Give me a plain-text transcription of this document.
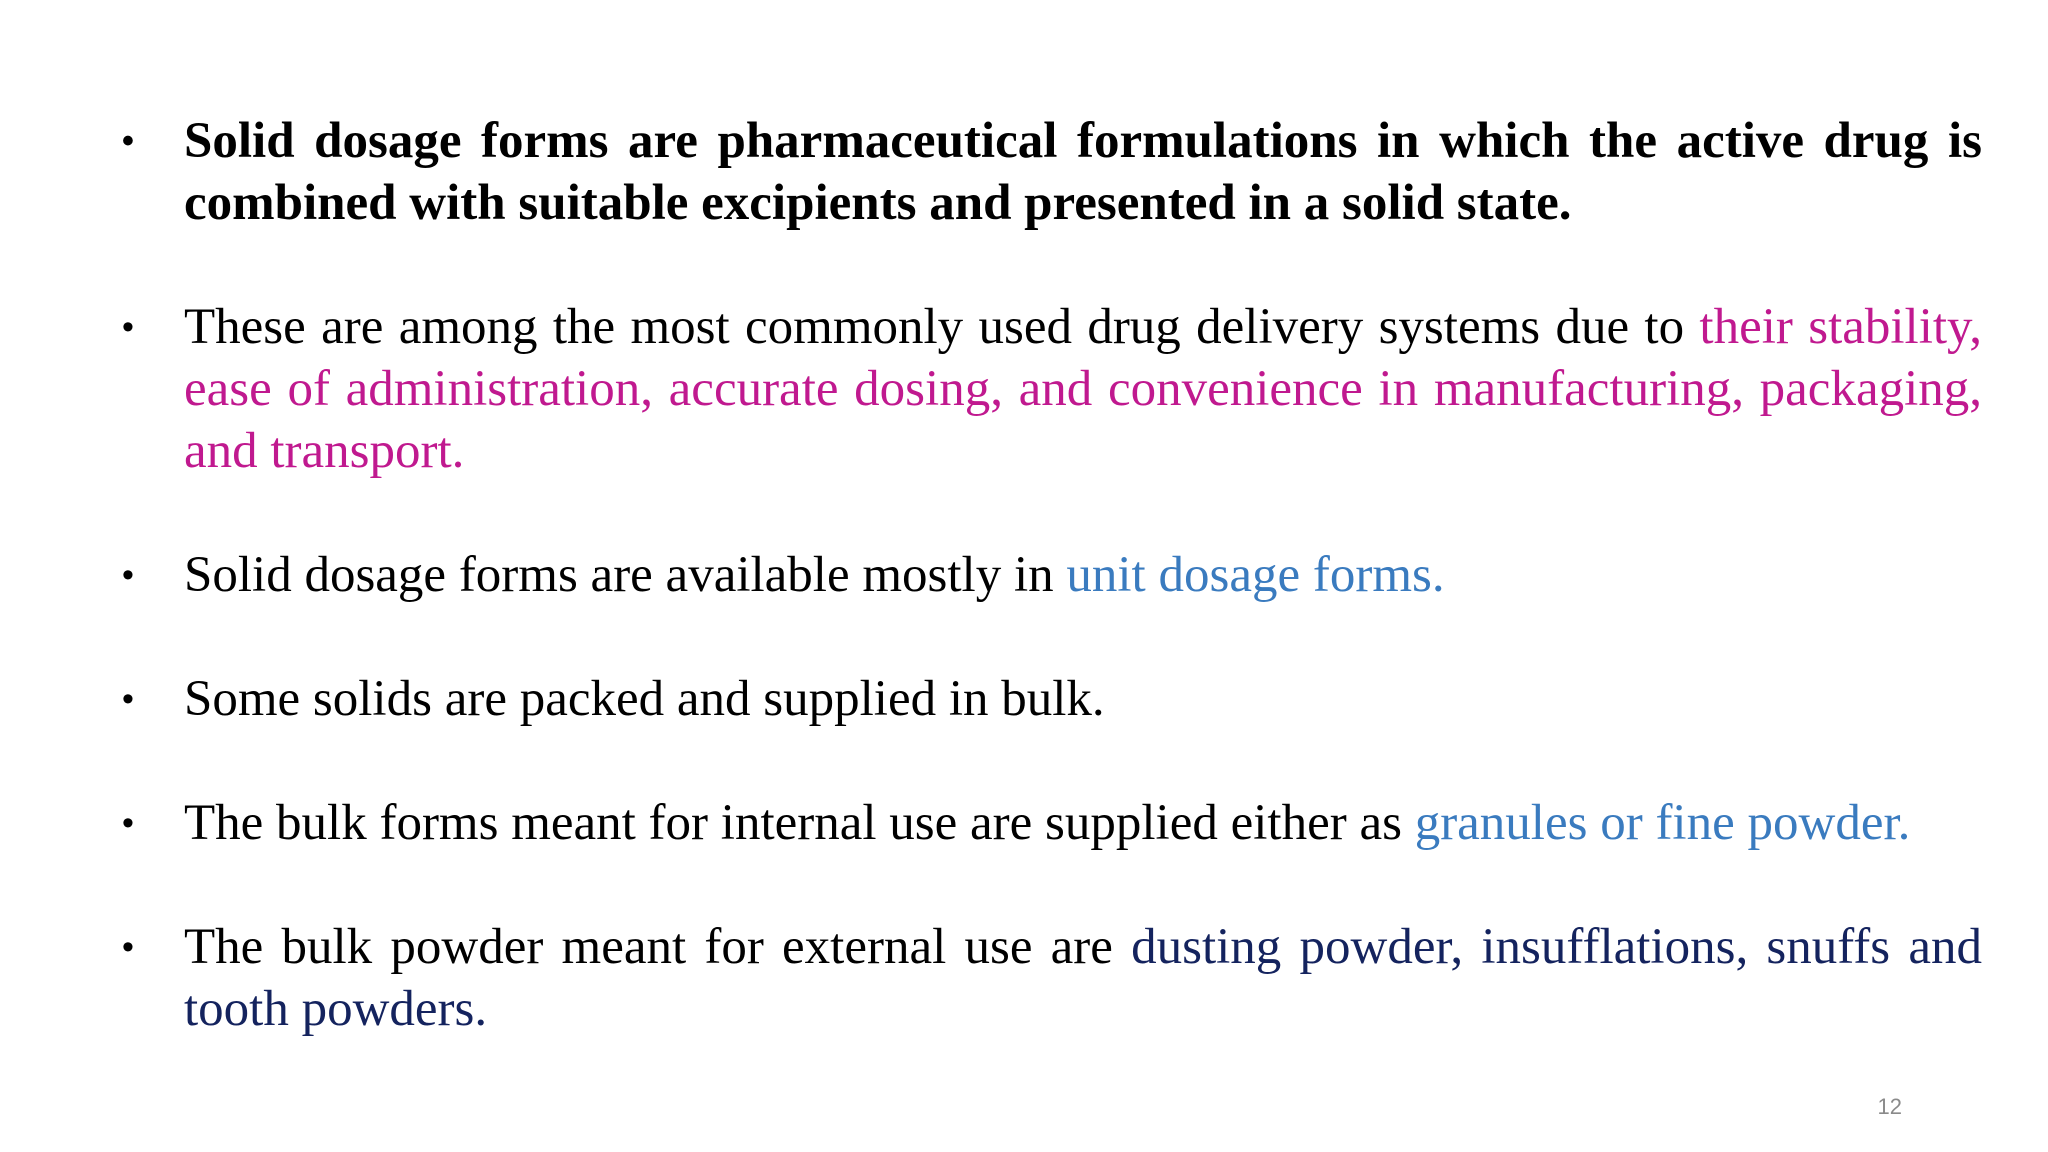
• Solid dosage forms are pharmaceutical formulations in which the active drug is combined with suitable excipients and presented in a solid state.
• These are among the most commonly used drug delivery systems due to their stability, ease of administration, accurate dosing, and convenience in manufacturing, packaging, and transport.
• Solid dosage forms are available mostly in unit dosage forms.
• Some solids are packed and supplied in bulk.
• The bulk forms meant for internal use are supplied either as granules or fine powder.
• The bulk powder meant for external use are dusting powder, insufflations, snuffs and tooth powders.
12
